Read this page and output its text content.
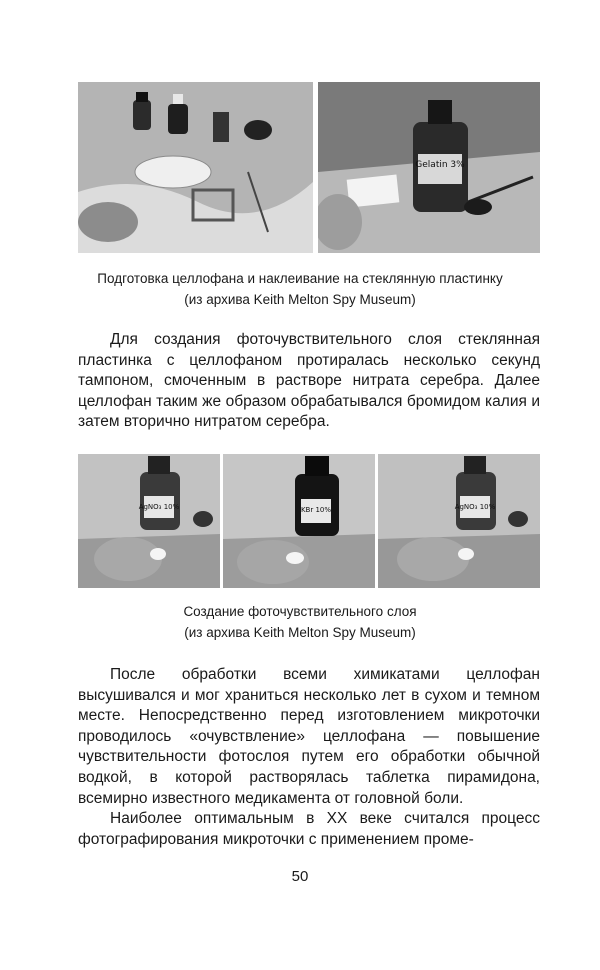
Gelatin 3%
Подготовка целлофана и наклеивание на стеклянную пластинку
(из архива Keith Melton Spy Museum)

Для создания фоточувствительного слоя стеклянная пластинка с целлофаном протиралась несколько секунд тампоном, смоченным в растворе нитрата серебра. Далее целлофан таким же образом обрабатывался бромидом калия и затем вторично нитратом серебра.

AgNO₃ 10%	KBr 10%	AgNO₃ 10%
Создание фоточувствительного слоя
(из архива Keith Melton Spy Museum)

После обработки всеми химикатами целлофан высушивался и мог храниться несколько лет в сухом и темном месте. Непосредственно перед изготовлением микроточки проводилось «очувствление» целлофана — повышение чувствительности фотослоя путем его обработки обычной водкой, в которой растворялась таблетка пирамидона, всемирно известного медикамента от головной боли.

Наиболее оптимальным в XX веке считался процесс фотографирования микроточки с применением проме-

50
